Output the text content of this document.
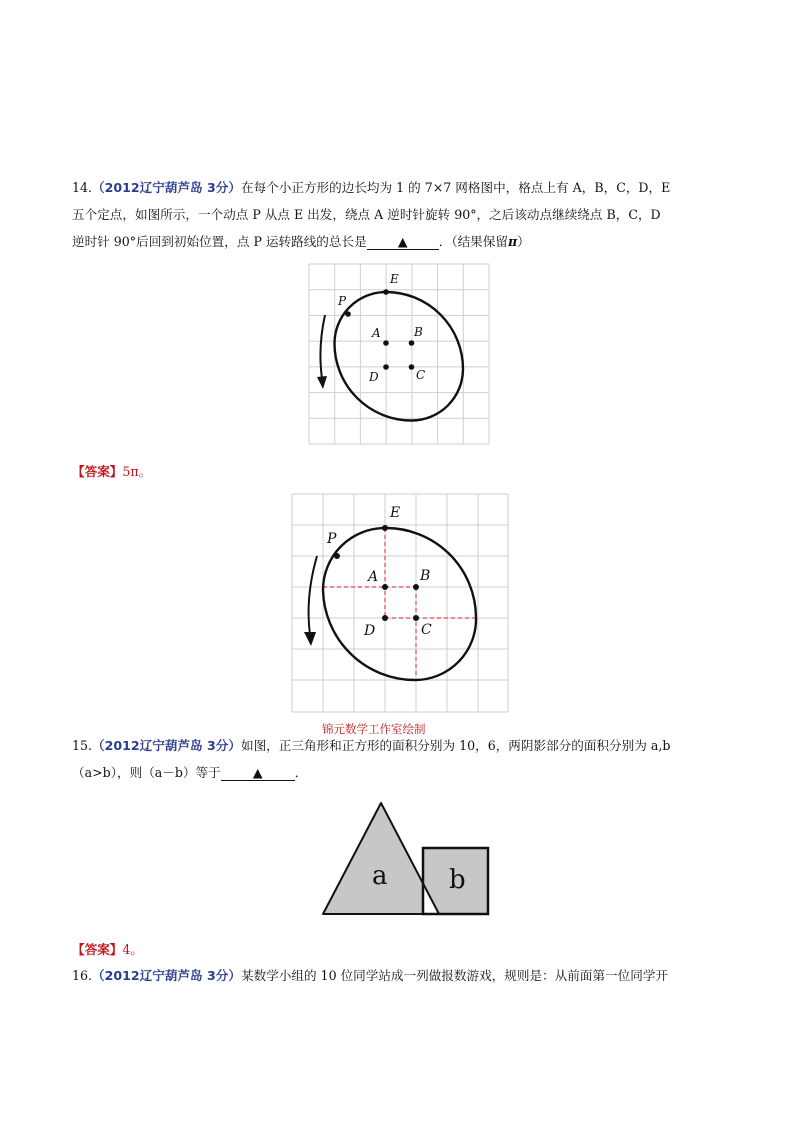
14.（2012辽宁葫芦岛 3分）在每个小正方形的边长均为 1 的 7×7 网格图中，格点上有 A，B，C，D，E
五个定点，如图所示，一个动点 P 从点 E 出发，绕点 A 逆时针旋转 90°，之后该动点继续绕点 B，C，D
逆时针 90°后回到初始位置，点 P 运转路线的总长是 ▲ ．（结果保留π）
E
P
A	B
C
D
【答案】5π。
E
P
A	B
C
D
锦元数学工作室绘制
15.（2012辽宁葫芦岛 3分）如图，正三角形和正方形的面积分别为 10，6，两阴影部分的面积分别为 a,b
（a>b），则（a－b）等于	▲	．
a b
【答案】4。
16.（2012辽宁葫芦岛 3分）某数学小组的 10 位同学站成一列做报数游戏，规则是：从前面第一位同学开
